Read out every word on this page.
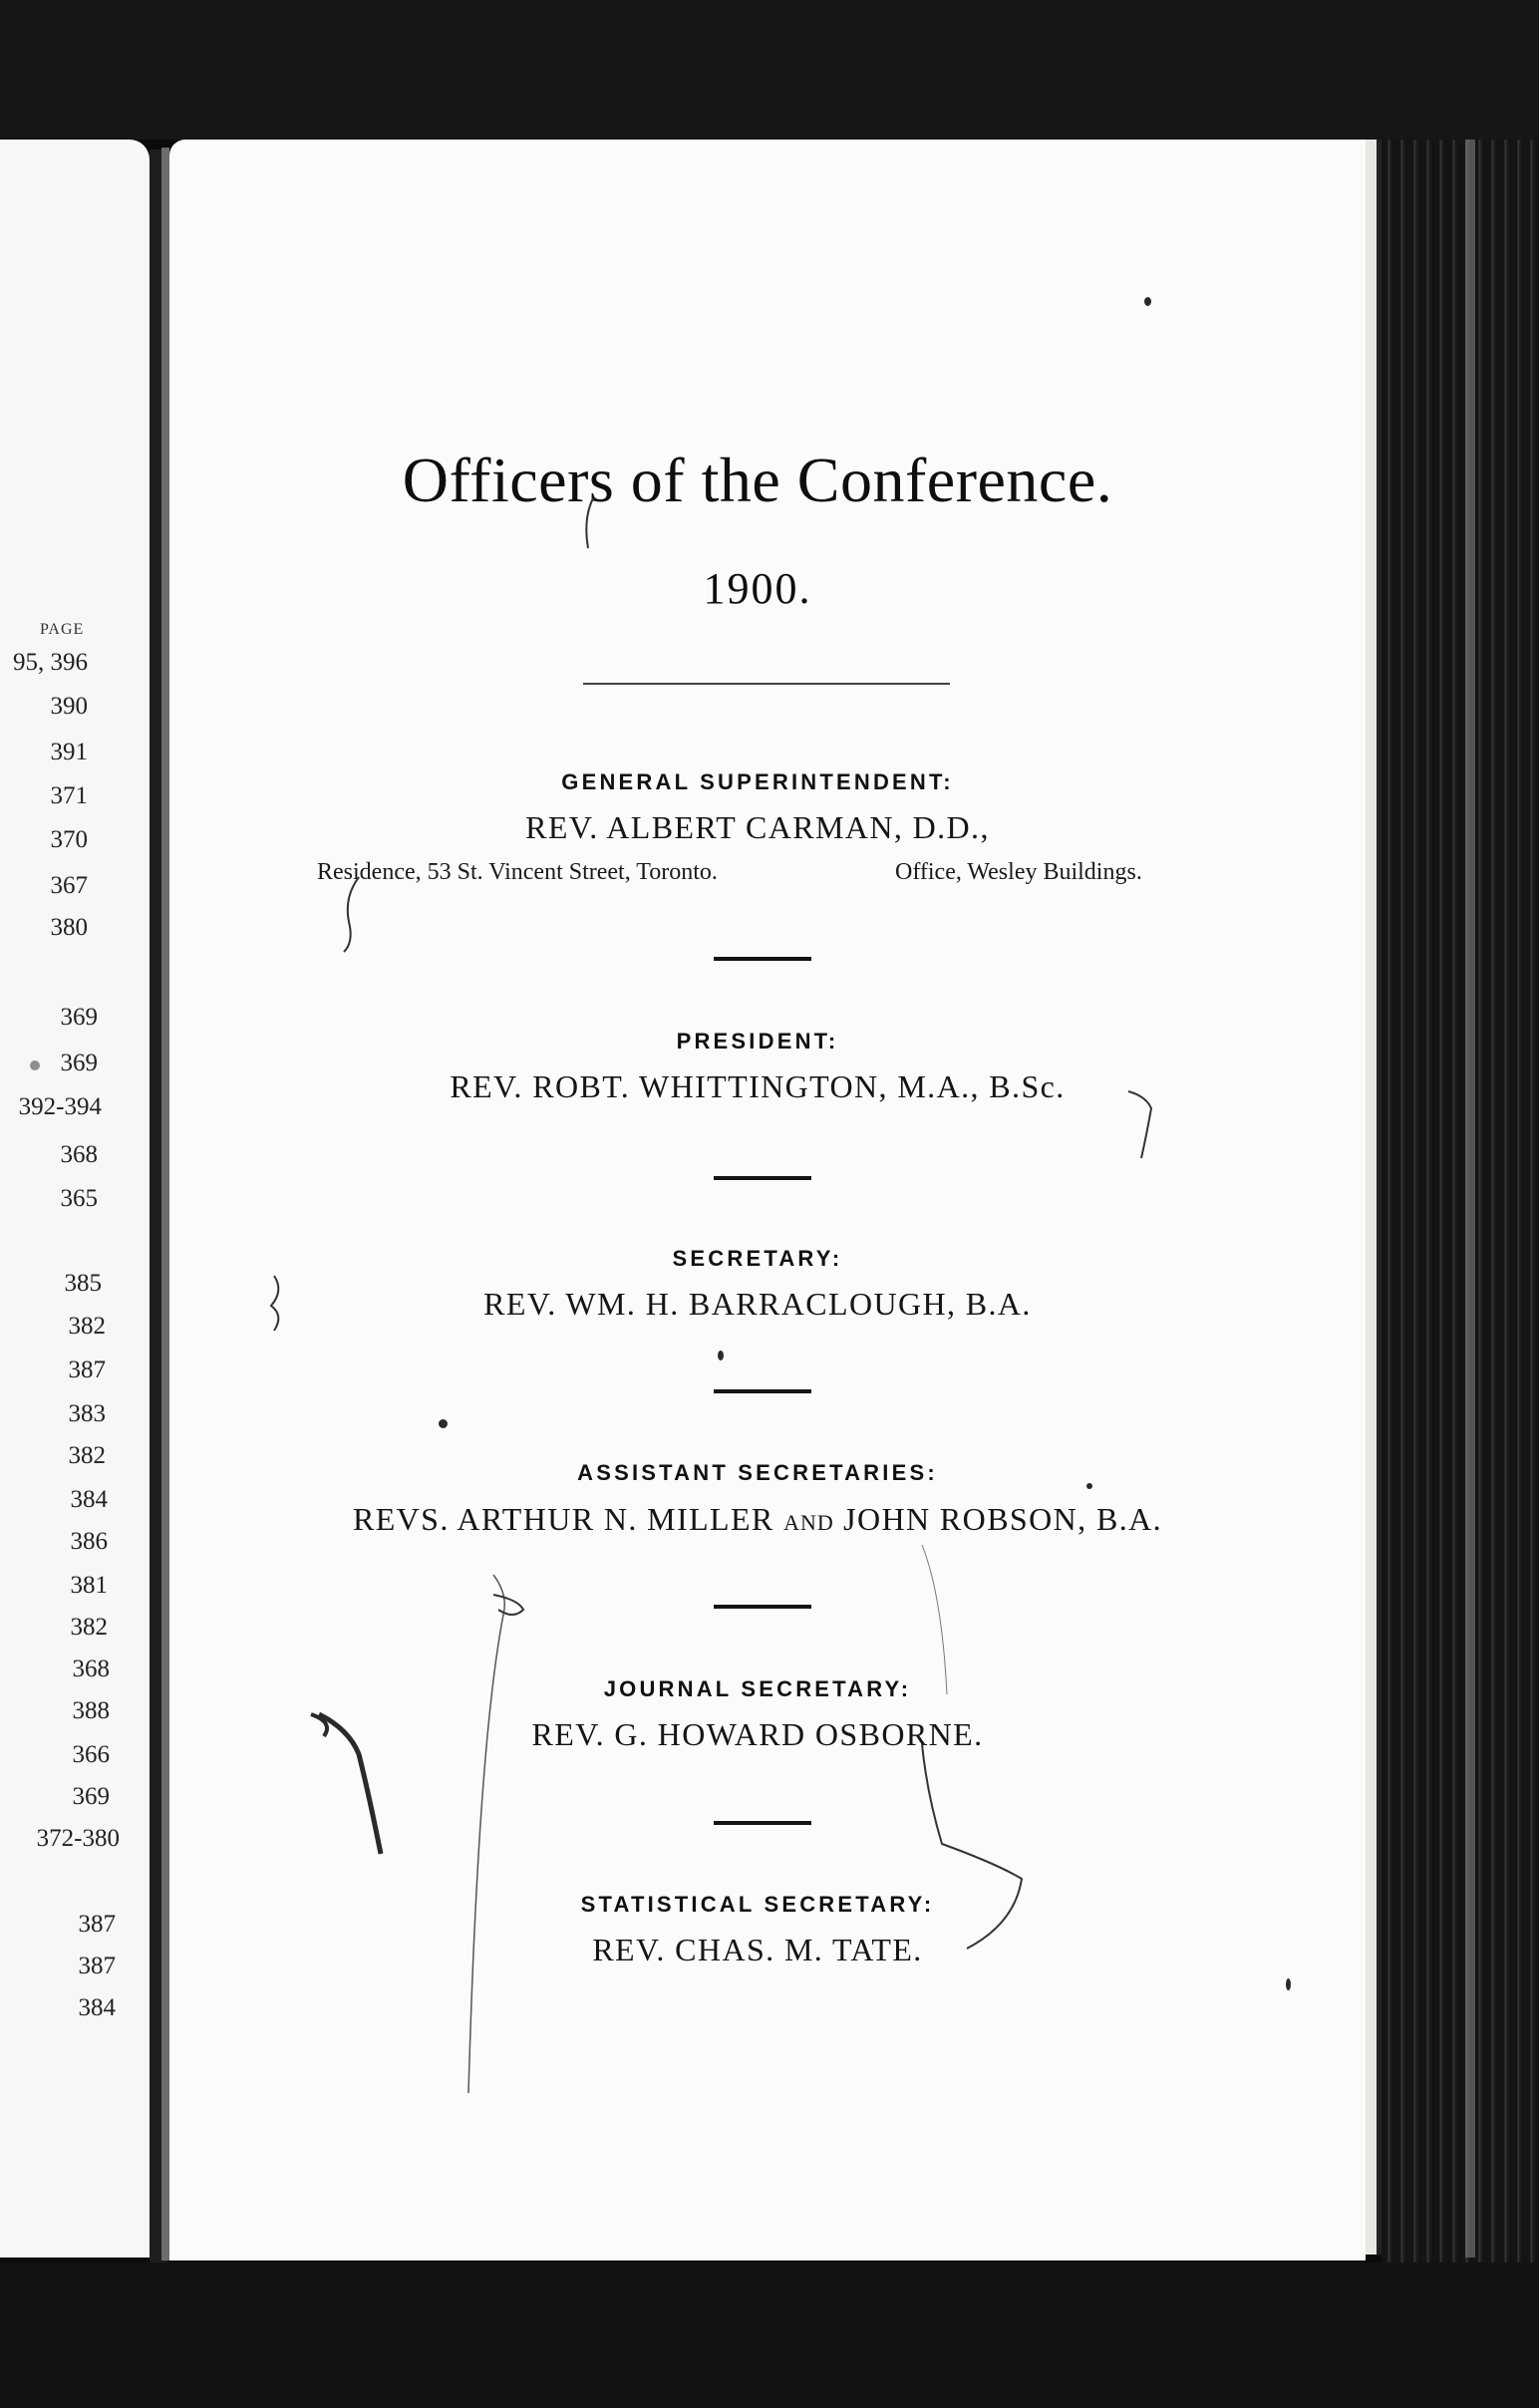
PAGE
95, 396
390
391
371
370
367
380
369
369
392-394
368
365
385
382
387
383
382
384
386
381
382
368
388
366
369
372-380
387
387
384
Officers of the Conference.
1900.
GENERAL SUPERINTENDENT:
REV. ALBERT CARMAN, D.D.,
Residence, 53 St. Vincent Street, Toronto.	Office, Wesley Buildings.
PRESIDENT:
REV. ROBT. WHITTINGTON, M.A., B.Sc.
SECRETARY:
REV. WM. H. BARRACLOUGH, B.A.
ASSISTANT SECRETARIES:
REVS. ARTHUR N. MILLER AND JOHN ROBSON, B.A.
JOURNAL SECRETARY:
REV. G. HOWARD OSBORNE.
STATISTICAL SECRETARY:
REV. CHAS. M. TATE.
